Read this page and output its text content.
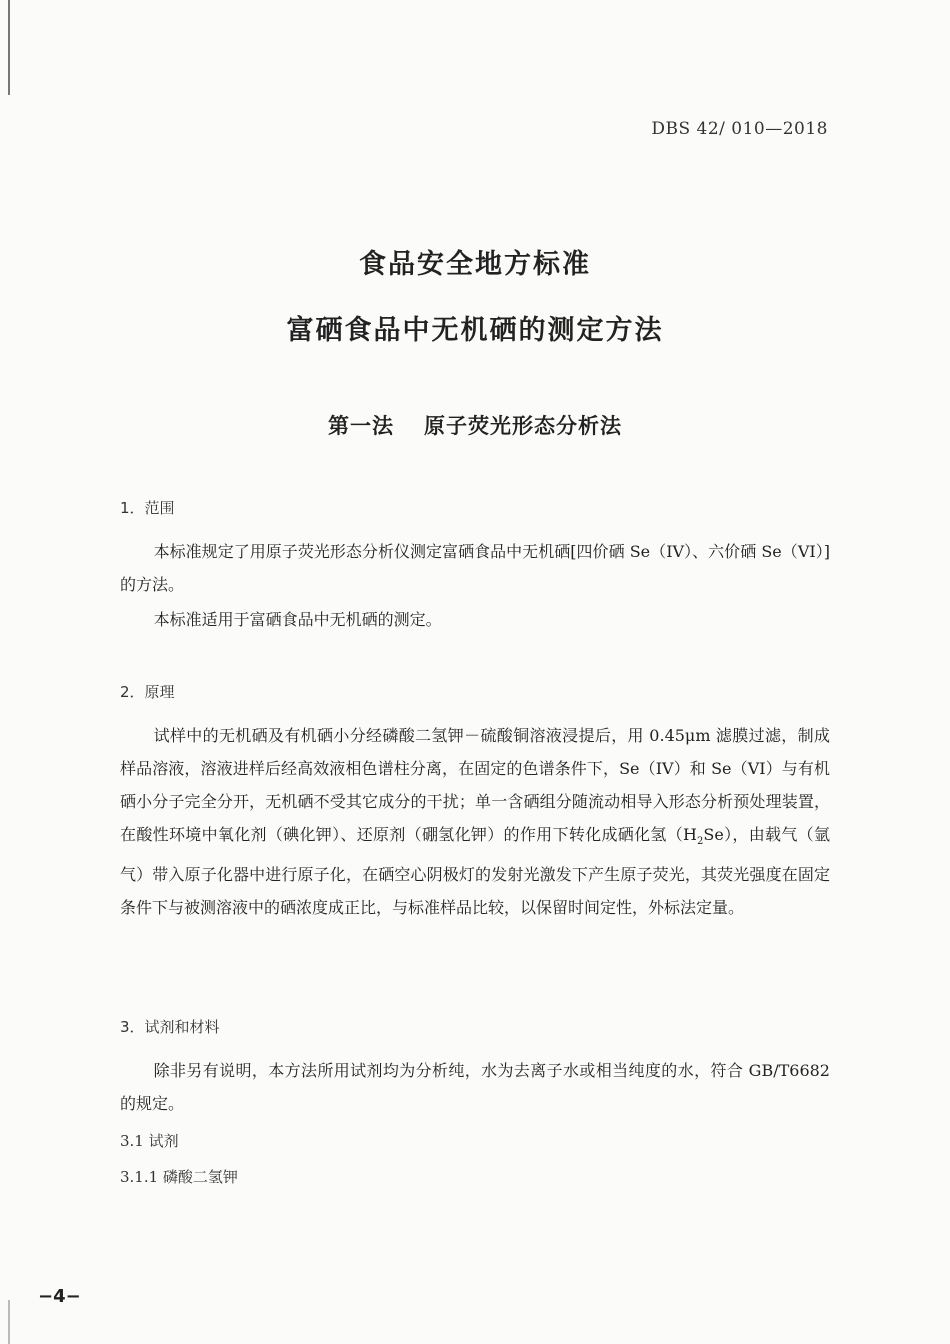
DBS 42/ 010—2018
食品安全地方标准
富硒食品中无机硒的测定方法
第一法 原子荧光形态分析法
1．范围

本标准规定了用原子荧光形态分析仪测定富硒食品中无机硒[四价硒 Se（IV）、六价硒 Se（VI）]的方法。

本标准适用于富硒食品中无机硒的测定。

2．原理

试样中的无机硒及有机硒小分经磷酸二氢钾－硫酸铜溶液浸提后，用 0.45μm 滤膜过滤，制成样品溶液，溶液进样后经高效液相色谱柱分离，在固定的色谱条件下，Se（IV）和 Se（VI）与有机硒小分子完全分开，无机硒不受其它成分的干扰；单一含硒组分随流动相导入形态分析预处理装置，在酸性环境中氧化剂（碘化钾）、还原剂（硼氢化钾）的作用下转化成硒化氢$(H_2Se)$，由载气（氩气）带入原子化器中进行原子化，在硒空心阴极灯的发射光激发下产生原子荧光，其荧光强度在固定条件下与被测溶液中的硒浓度成正比，与标准样品比较，以保留时间定性，外标法定量。

3．试剂和材料

除非另有说明，本方法所用试剂均为分析纯，水为去离子水或相当纯度的水，符合 GB/T6682 的规定。

3.1 试剂
3.1.1 磷酸二氢钾
−4−
